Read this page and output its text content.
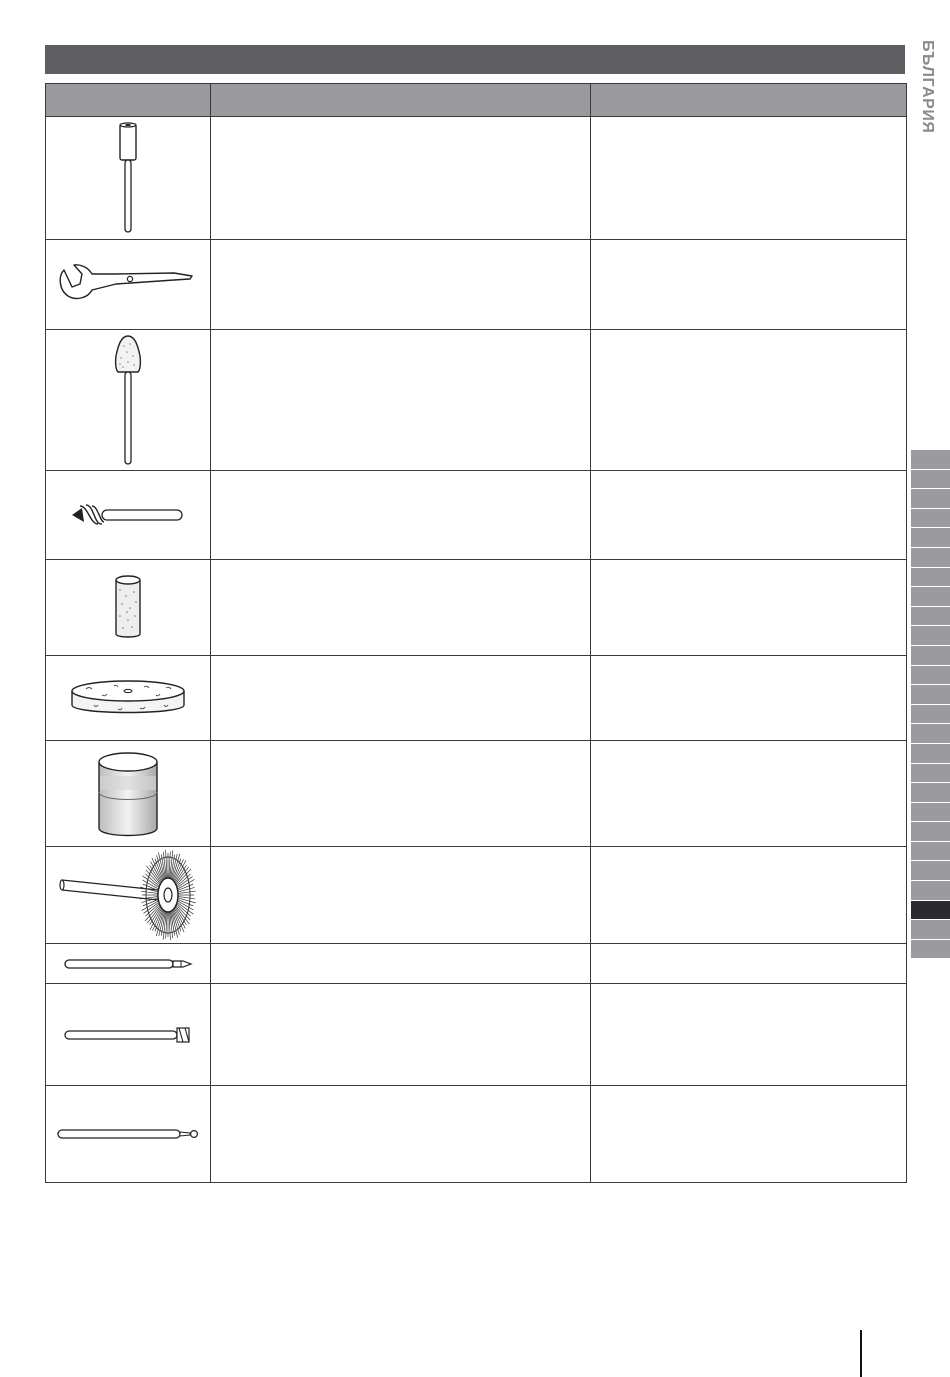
БЪЛГАРИЯ
